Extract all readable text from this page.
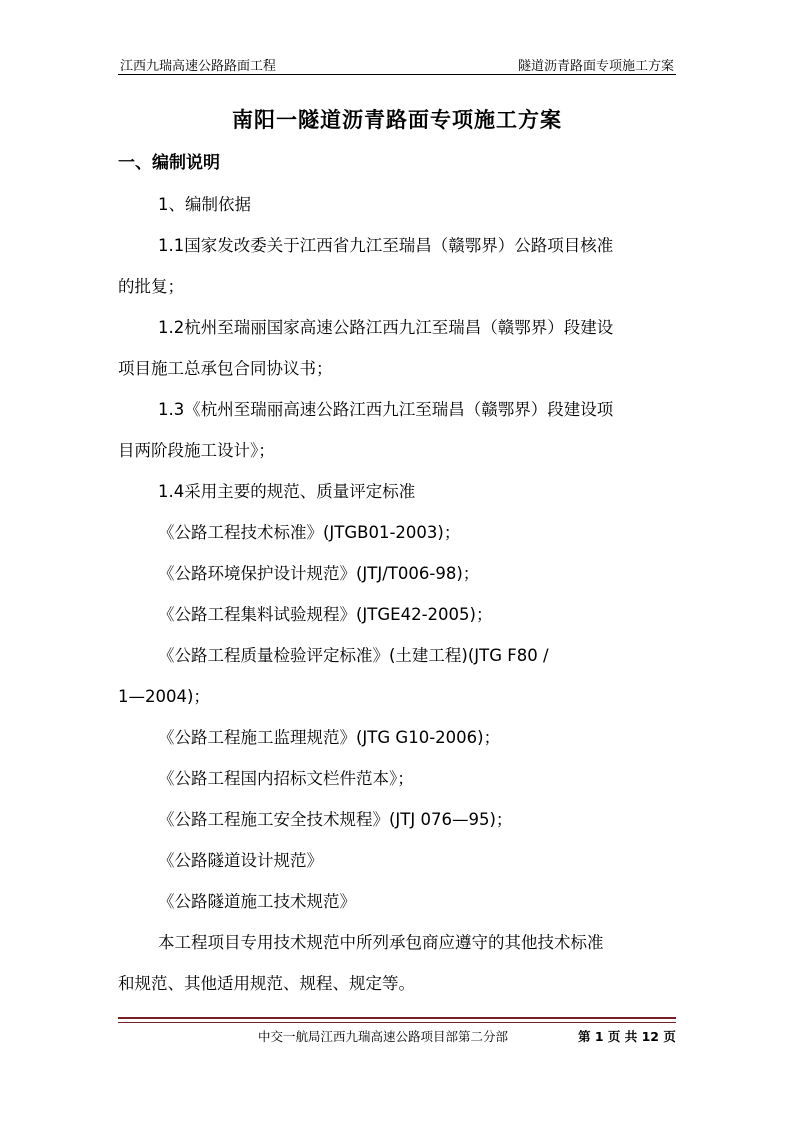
江西九瑞高速公路路面工程	隧道沥青路面专项施工方案
南阳一隧道沥青路面专项施工方案
一、编制说明
1、编制依据
1.1国家发改委关于江西省九江至瑞昌（赣鄂界）公路项目核准
的批复；
1.2杭州至瑞丽国家高速公路江西九江至瑞昌（赣鄂界）段建设
项目施工总承包合同协议书；
1.3《杭州至瑞丽高速公路江西九江至瑞昌（赣鄂界）段建设项
目两阶段施工设计》；
1.4采用主要的规范、质量评定标准
《公路工程技术标准》(JTGB01-2003)；
《公路环境保护设计规范》(JTJ/T006-98)；
《公路工程集料试验规程》(JTGE42-2005)；
《公路工程质量检验评定标准》(土建工程)(JTG F80 /
1—2004)；
《公路工程施工监理规范》(JTG G10-2006)；
《公路工程国内招标文栏件范本》；
《公路工程施工安全技术规程》(JTJ 076—95)；
《公路隧道设计规范》
《公路隧道施工技术规范》
本工程项目专用技术规范中所列承包商应遵守的其他技术标准
和规范、其他适用规范、规程、规定等。
中交一航局江西九瑞高速公路项目部第二分部	第 1 页 共 12 页
